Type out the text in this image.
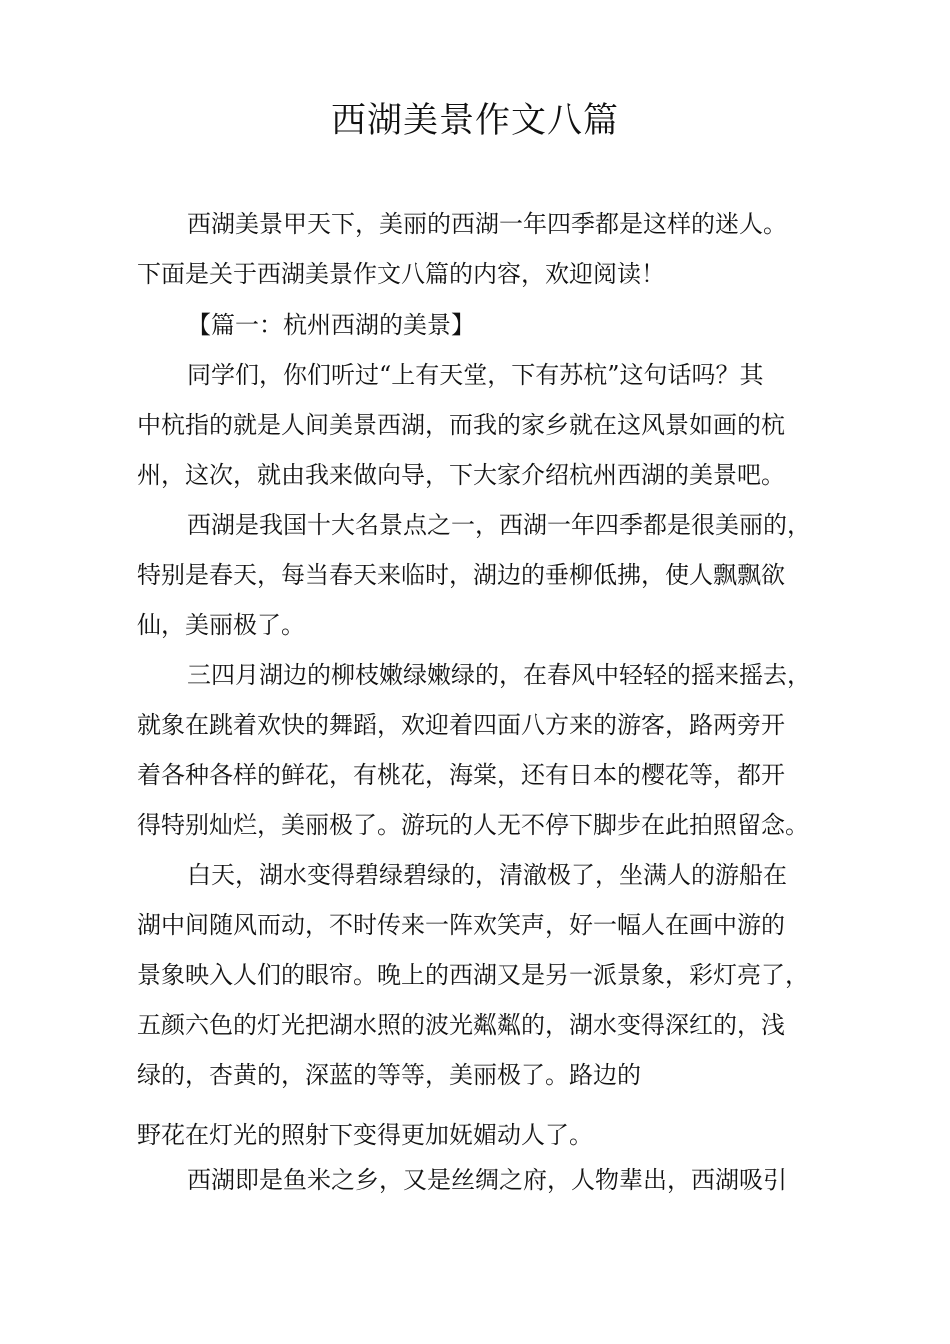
西湖美景作文八篇

西湖美景甲天下，美丽的西湖一年四季都是这样的迷人。

下面是关于西湖美景作文八篇的内容，欢迎阅读！

【篇一：杭州西湖的美景】

同学们，你们听过“上有天堂，下有苏杭”这句话吗？其

中杭指的就是人间美景西湖，而我的家乡就在这风景如画的杭

州，这次，就由我来做向导，下大家介绍杭州西湖的美景吧。

西湖是我国十大名景点之一，西湖一年四季都是很美丽的，

特别是春天，每当春天来临时，湖边的垂柳低拂，使人飘飘欲

仙，美丽极了。

三四月湖边的柳枝嫩绿嫩绿的，在春风中轻轻的摇来摇去，

就象在跳着欢快的舞蹈，欢迎着四面八方来的游客，路两旁开

着各种各样的鲜花，有桃花，海棠，还有日本的樱花等，都开

得特别灿烂，美丽极了。游玩的人无不停下脚步在此拍照留念。

白天，湖水变得碧绿碧绿的，清澈极了，坐满人的游船在

湖中间随风而动，不时传来一阵欢笑声，好一幅人在画中游的

景象映入人们的眼帘。晚上的西湖又是另一派景象，彩灯亮了，

五颜六色的灯光把湖水照的波光粼粼的，湖水变得深红的，浅

绿的，杏黄的，深蓝的等等，美丽极了。路边的

野花在灯光的照射下变得更加妩媚动人了。

西湖即是鱼米之乡，又是丝绸之府，人物辈出，西湖吸引
